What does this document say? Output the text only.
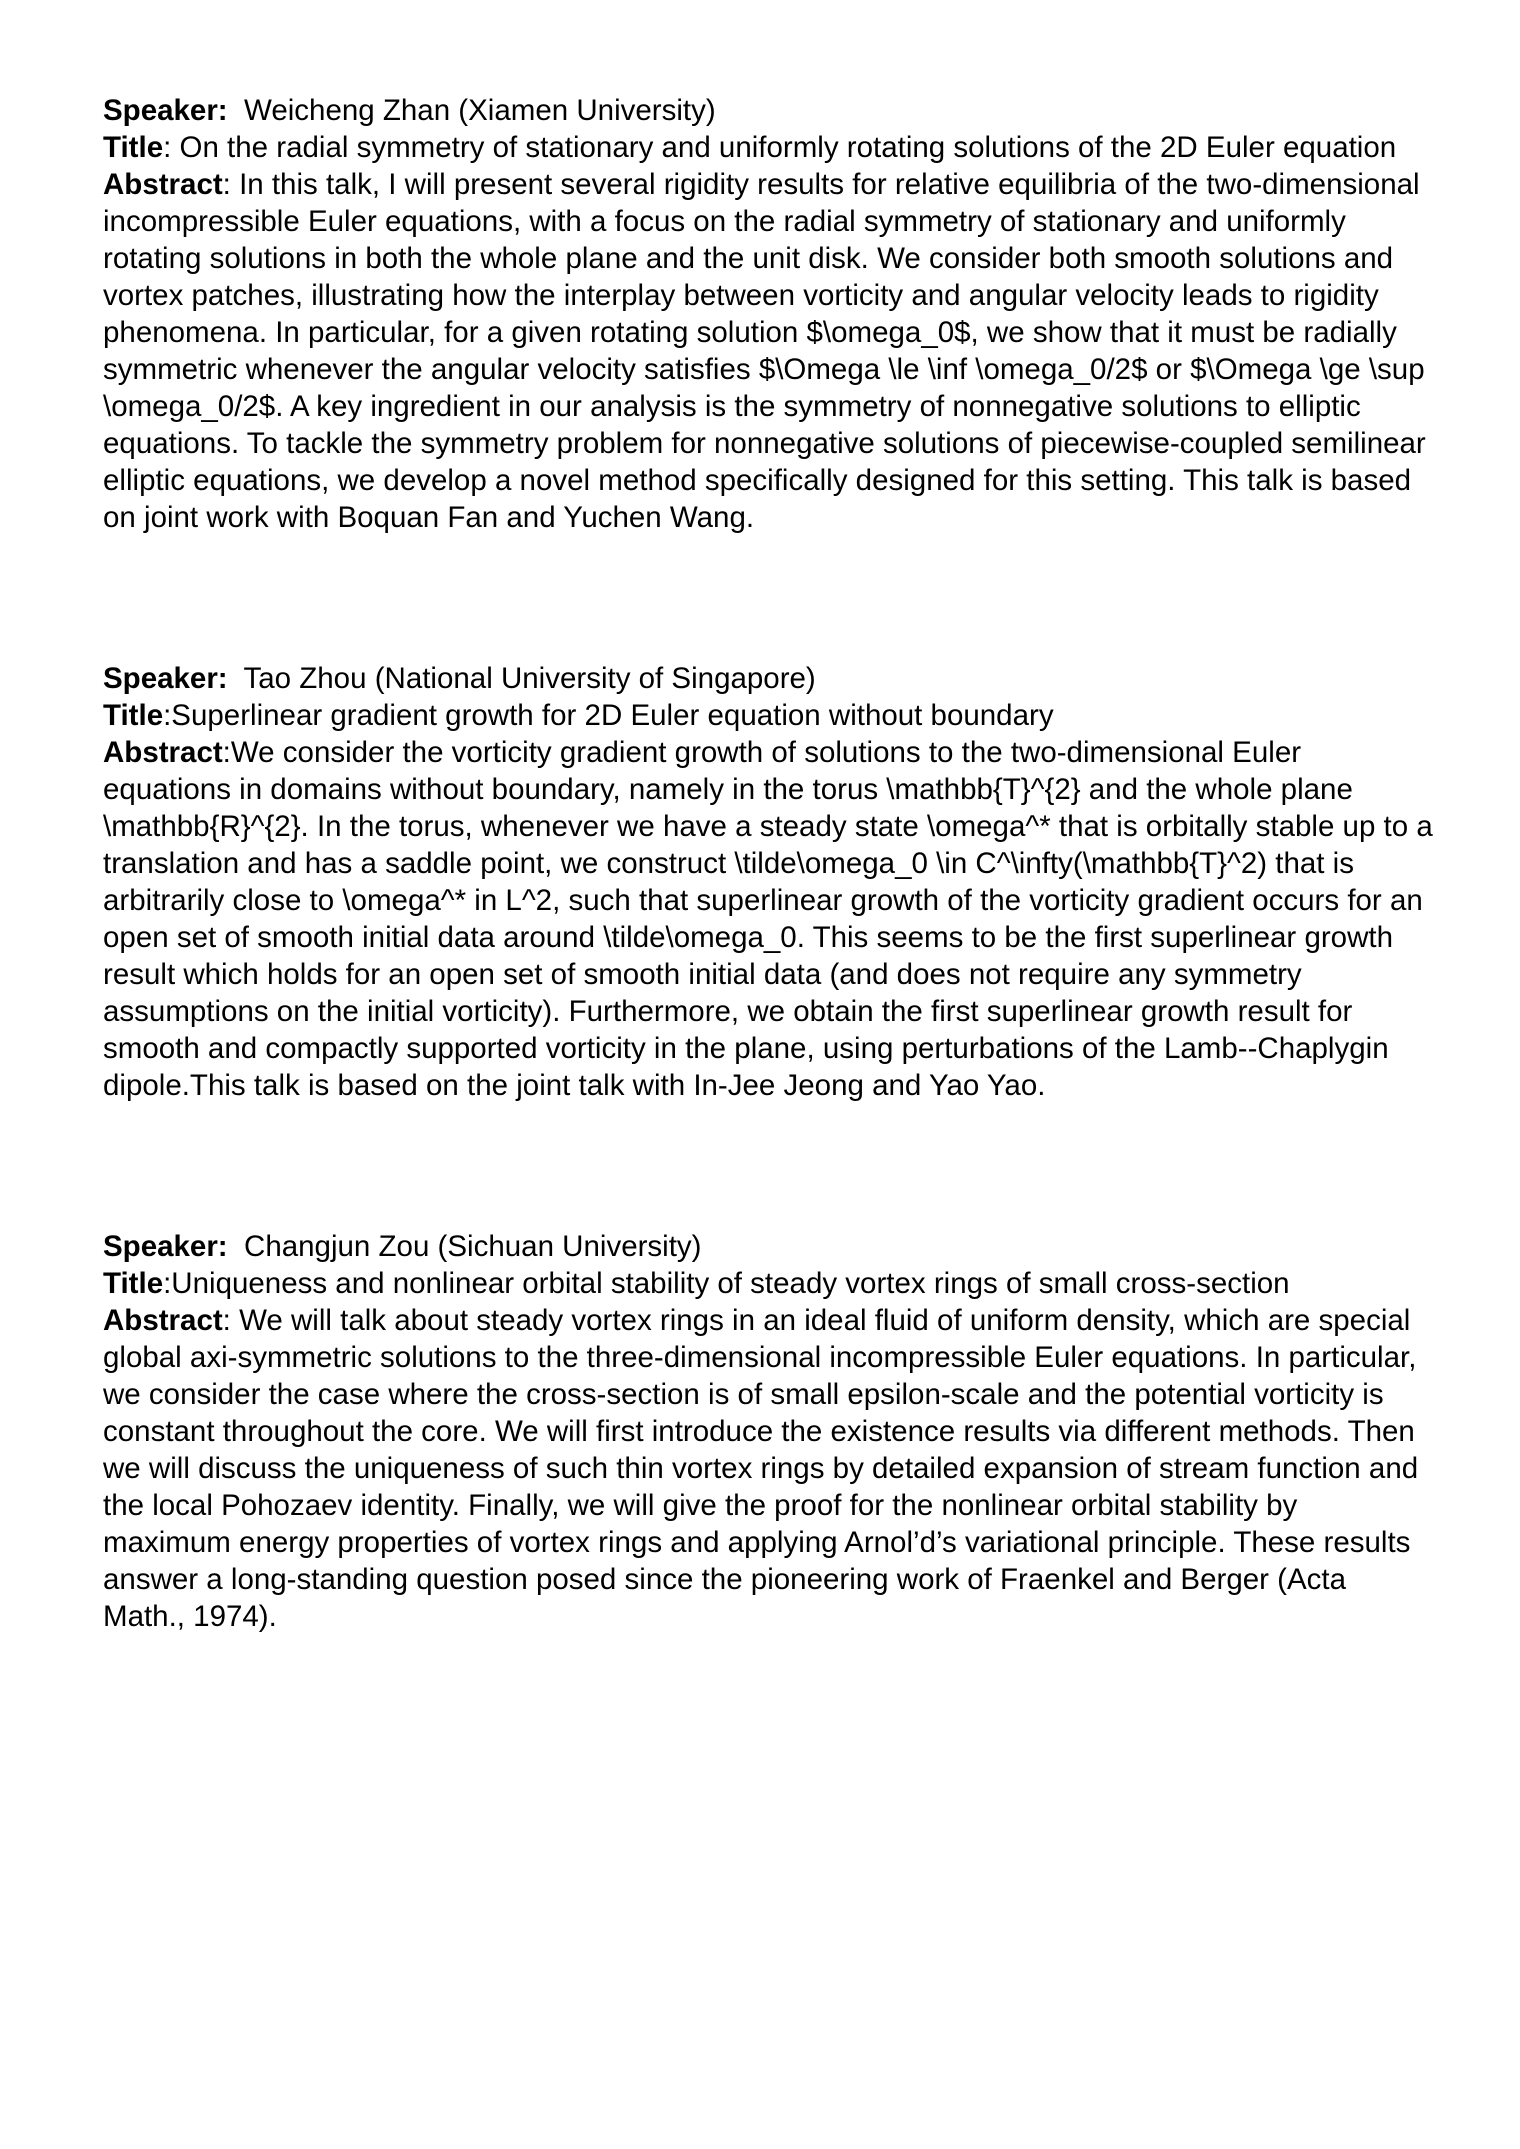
Speaker:  Weicheng Zhan (Xiamen University)

Title: On the radial symmetry of stationary and uniformly rotating solutions of the 2D Euler equation

Abstract: In this talk, I will present several rigidity results for relative equilibria of the two-dimensional incompressible Euler equations, with a focus on the radial symmetry of stationary and uniformly rotating solutions in both the whole plane and the unit disk. We consider both smooth solutions and vortex patches, illustrating how the interplay between vorticity and angular velocity leads to rigidity phenomena. In particular, for a given rotating solution $\omega_0$, we show that it must be radially symmetric whenever the angular velocity satisfies $\Omega \le \inf \omega_0/2$ or $\Omega \ge \sup \omega_0/2$. A key ingredient in our analysis is the symmetry of nonnegative solutions to elliptic equations. To tackle the symmetry problem for nonnegative solutions of piecewise-coupled semilinear elliptic equations, we develop a novel method specifically designed for this setting. This talk is based on joint work with Boquan Fan and Yuchen Wang.

Speaker:  Tao Zhou (National University of Singapore)

Title:Superlinear gradient growth for 2D Euler equation without boundary

Abstract:We consider the vorticity gradient growth of solutions to the two-dimensional Euler equations in domains without boundary, namely in the torus \mathbb{T}^{2} and the whole plane \mathbb{R}^{2}. In the torus, whenever we have a steady state \omega^* that is orbitally stable up to a translation and has a saddle point, we construct \tilde\omega_0 \in C^\infty(\mathbb{T}^2) that is arbitrarily close to \omega^* in L^2, such that superlinear growth of the vorticity gradient occurs for an open set of smooth initial data around \tilde\omega_0. This seems to be the first superlinear growth result which holds for an open set of smooth initial data (and does not require any symmetry assumptions on the initial vorticity). Furthermore, we obtain the first superlinear growth result for smooth and compactly supported vorticity in the plane, using perturbations of the Lamb--Chaplygin dipole.This talk is based on the joint talk with In-Jee Jeong and Yao Yao.

Speaker:  Changjun Zou (Sichuan University)

Title:Uniqueness and nonlinear orbital stability of steady vortex rings of small cross-section

Abstract: We will talk about steady vortex rings in an ideal fluid of uniform density, which are special global axi-symmetric solutions to the three-dimensional incompressible Euler equations. In particular, we consider the case where the cross-section is of small epsilon-scale and the potential vorticity is constant throughout the core. We will first introduce the existence results via different methods. Then we will discuss the uniqueness of such thin vortex rings by detailed expansion of stream function and the local Pohozaev identity. Finally, we will give the proof for the nonlinear orbital stability by maximum energy properties of vortex rings and applying Arnol’d’s variational principle. These results answer a long-standing question posed since the pioneering work of Fraenkel and Berger (Acta Math., 1974).
